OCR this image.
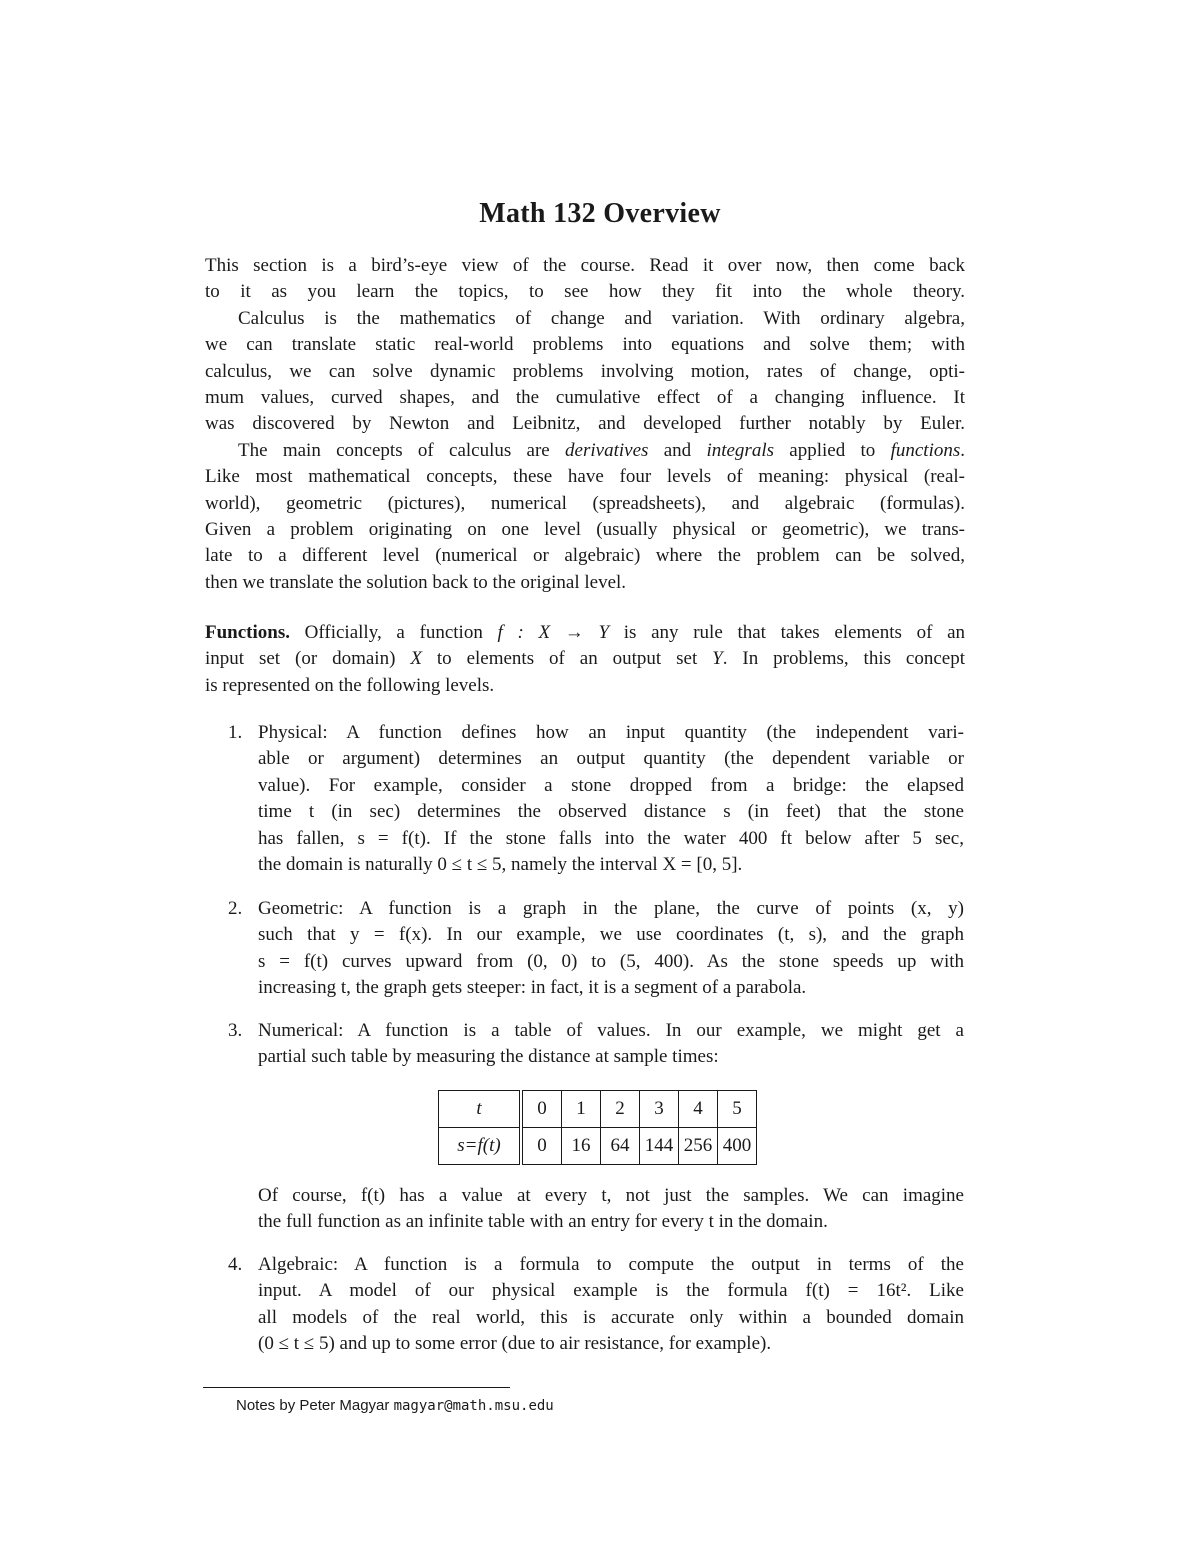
Math 132 Overview

This section is a bird’s-eye view of the course. Read it over now, then come back
to it as you learn the topics, to see how they fit into the whole theory.

Calculus is the mathematics of change and variation. With ordinary algebra,
we can translate static real-world problems into equations and solve them; with
calculus, we can solve dynamic problems involving motion, rates of change, opti-
mum values, curved shapes, and the cumulative effect of a changing influence. It
was discovered by Newton and Leibnitz, and developed further notably by Euler.
The main concepts of calculus are derivatives and integrals applied to functions.
Like most mathematical concepts, these have four levels of meaning: physical (real-
world), geometric (pictures), numerical (spreadsheets), and algebraic (formulas).
Given a problem originating on one level (usually physical or geometric), we trans-
late to a different level (numerical or algebraic) where the problem can be solved,
then we translate the solution back to the original level.
Functions. Officially, a function f : X → Y is any rule that takes elements of an
input set (or domain) X to elements of an output set Y. In problems, this concept
is represented on the following levels.
1. Physical: A function defines how an input quantity (the independent vari-
able or argument) determines an output quantity (the dependent variable or
value). For example, consider a stone dropped from a bridge: the elapsed
time t (in sec) determines the observed distance s (in feet) that the stone
has fallen, s = f(t). If the stone falls into the water 400 ft below after 5 sec,
the domain is naturally 0 ≤ t ≤ 5, namely the interval X = [0, 5].
2. Geometric: A function is a graph in the plane, the curve of points (x, y)
such that y = f(x). In our example, we use coordinates (t, s), and the graph
s = f(t) curves upward from (0, 0) to (5, 400). As the stone speeds up with
increasing t, the graph gets steeper: in fact, it is a segment of a parabola.
3. Numerical: A function is a table of values. In our example, we might get a
partial such table by measuring the distance at sample times:
t	0	1	2	3	4	5
s=f(t)	0	16	64	144	256	400
Of course, f(t) has a value at every t, not just the samples. We can imagine
the full function as an infinite table with an entry for every t in the domain.
4. Algebraic: A function is a formula to compute the output in terms of the
input. A model of our physical example is the formula f(t) = 16t². Like
all models of the real world, this is accurate only within a bounded domain
(0 ≤ t ≤ 5) and up to some error (due to air resistance, for example).
Notes by Peter Magyar magyar@math.msu.edu
